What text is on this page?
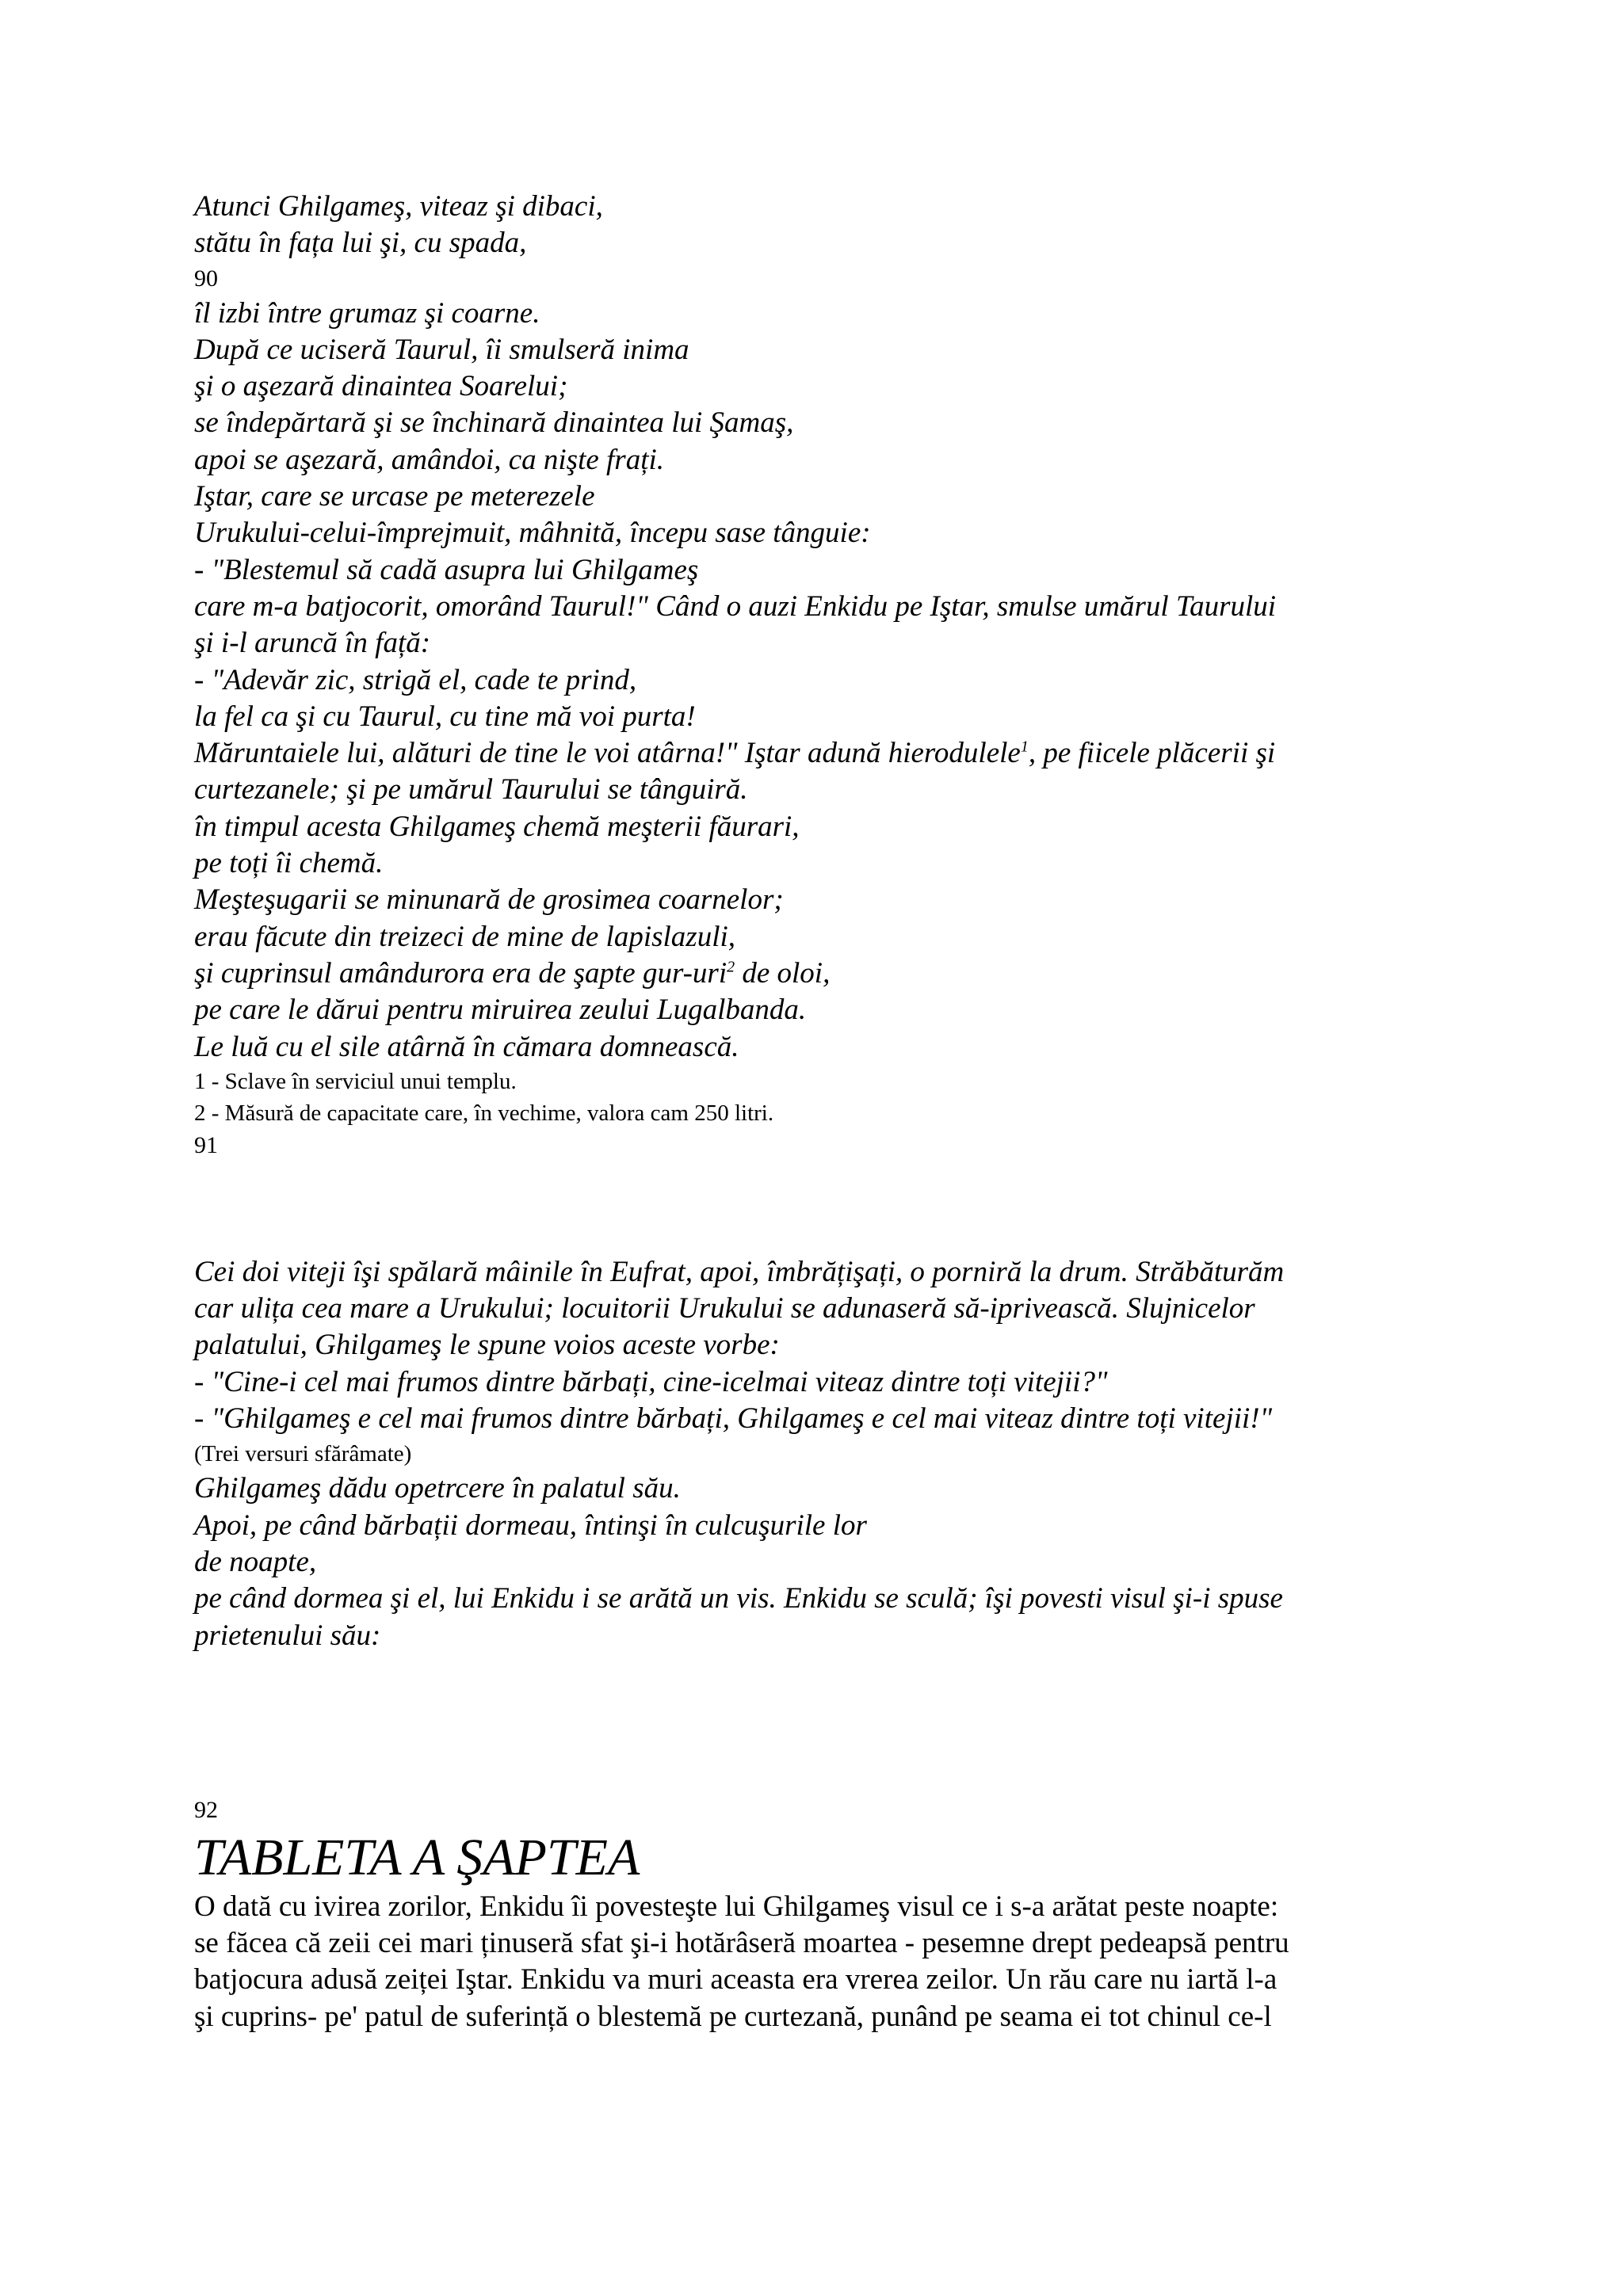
Atunci Ghilgameş, viteaz şi dibaci,
stătu în fața lui şi, cu spada,
90
îl izbi între grumaz şi coarne.
După ce uciseră Taurul, îi smulseră inima
şi o aşezară dinaintea Soarelui;
se îndepărtară şi se închinară dinaintea lui Şamaş,
apoi se aşezară, amândoi, ca nişte frați.
Iştar, care se urcase pe meterezele
Urukului-celui-împrejmuit, mâhnită, începu sase tânguie:
- "Blestemul să cadă asupra lui Ghilgameş
care m-a batjocorit, omorând Taurul!" Când o auzi Enkidu pe Iştar, smulse umărul Taurului
şi i-l aruncă în față:
- "Adevăr zic, strigă el, cade te prind,
la fel ca şi cu Taurul, cu tine mă voi purta!
Măruntaiele lui, alături de tine le voi atârna!" Iştar adună hierodulele$^1$, pe fiicele plăcerii şi
curtezanele; şi pe umărul Taurului se tânguiră.
în timpul acesta Ghilgameş chemă meşterii făurari,
pe toți îi chemă.
Meşteşugarii se minunară de grosimea coarnelor;
erau făcute din treizeci de mine de lapislazuli,
şi cuprinsul amândurora era de şapte gur-uri$^2$ de oloi,
pe care le dărui pentru miruirea zeului Lugalbanda.
Le luă cu el sile atârnă în cămara domnească.
1 - Sclave în serviciul unui templu.
2 - Măsură de capacitate care, în vechime, valora cam 250 litri.
91
Cei doi viteji îşi spălară mâinile în Eufrat, apoi, îmbrățişați, o porniră la drum. Străbăturăm
car ulița cea mare a Urukului; locuitorii Urukului se adunaseră să-iprivească. Slujnicelor
palatului, Ghilgameş le spune voios aceste vorbe:
- "Cine-i cel mai frumos dintre bărbați, cine-icelmai viteaz dintre toți vitejii?"
- "Ghilgameş e cel mai frumos dintre bărbați, Ghilgameş e cel mai viteaz dintre toți vitejii!"
(Trei versuri sfărâmate)
Ghilgameş dădu opetrcere în palatul său.
Apoi, pe când bărbații dormeau, întinşi în culcuşurile lor
de noapte,
pe când dormea şi el, lui Enkidu i se arătă un vis. Enkidu se sculă; îşi povesti visul şi-i spuse
prietenului său:
92
TABLETA A ŞAPTEA
O dată cu ivirea zorilor, Enkidu îi povesteşte lui Ghilgameş visul ce i s-a arătat peste noapte:
se făcea că zeii cei mari ținuseră sfat şi-i hotărâseră moartea - pesemne drept pedeapsă pentru
batjocura adusă zeiței Iştar. Enkidu va muri aceasta era vrerea zeilor. Un rău care nu iartă l-a
şi cuprins- pe' patul de suferință o blestemă pe curtezană, punând pe seama ei tot chinul ce-l
